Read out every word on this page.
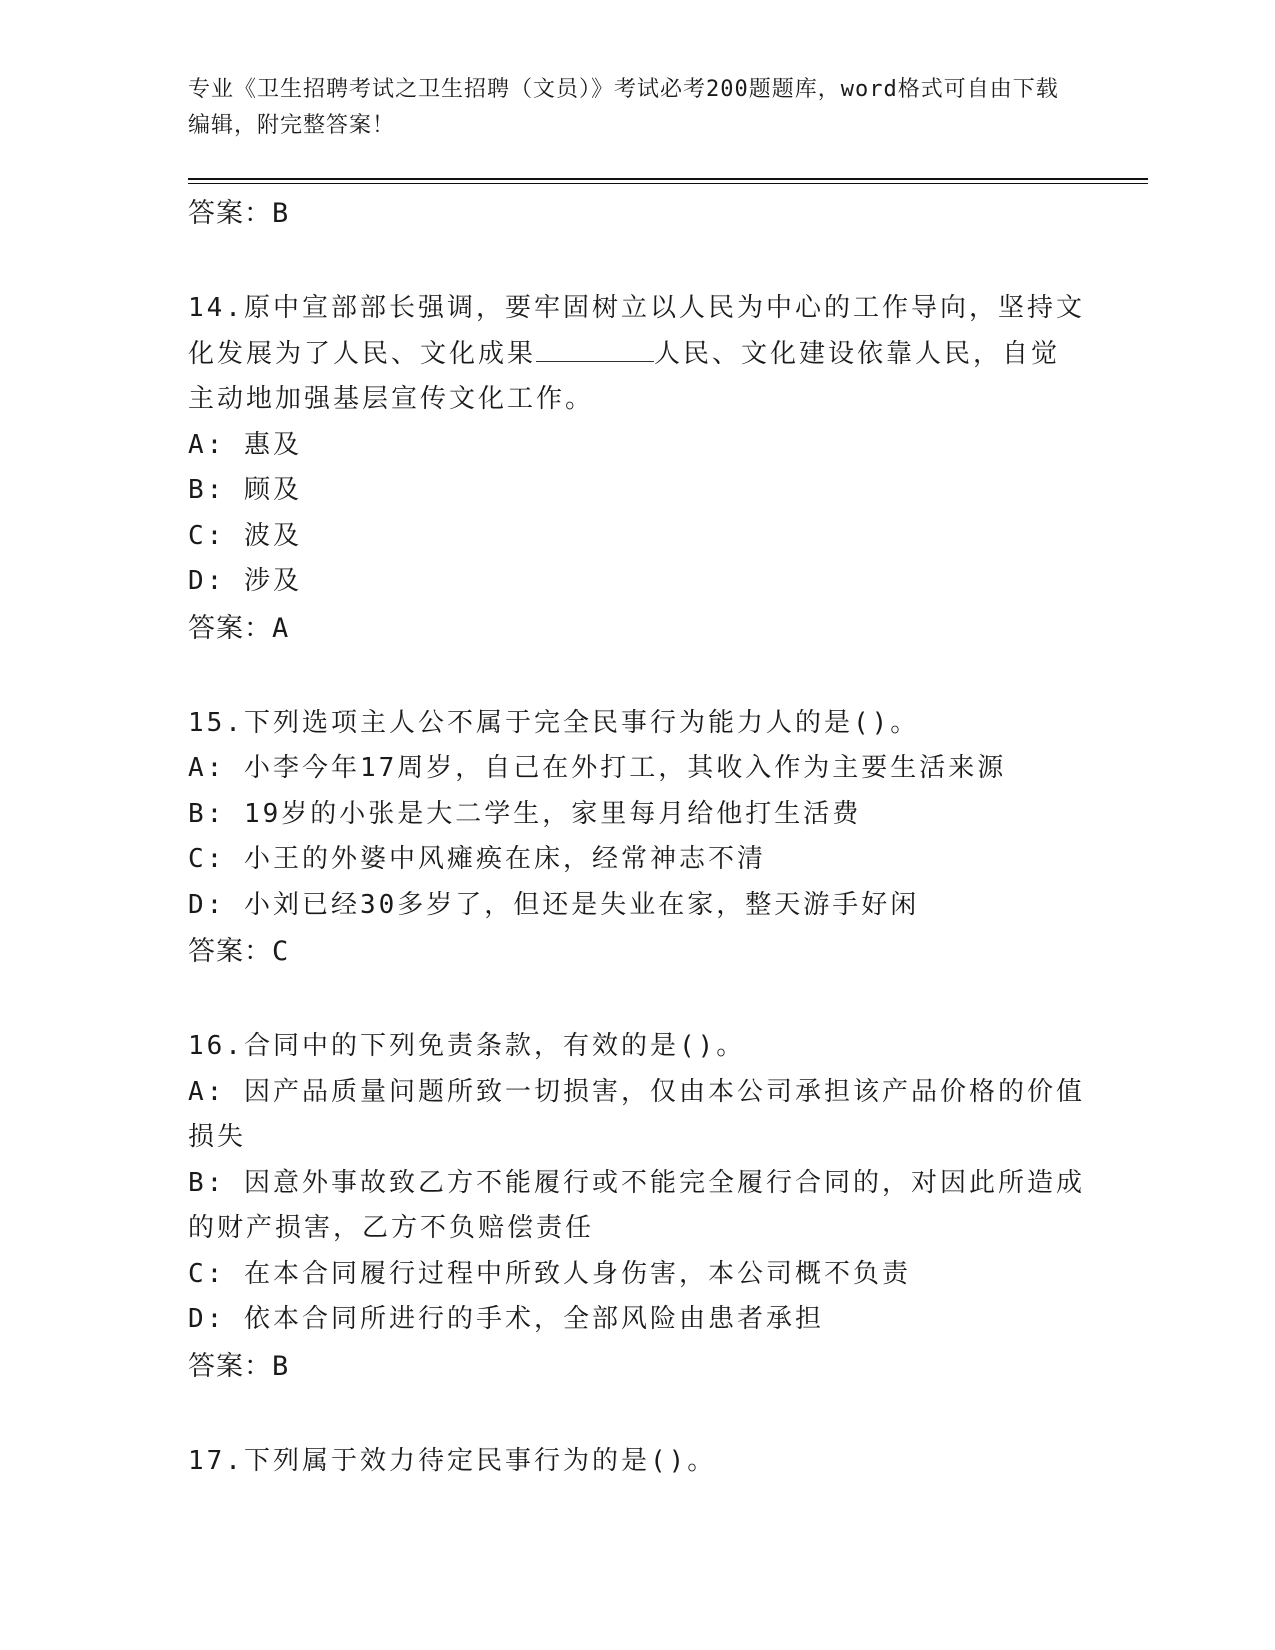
专业《卫生招聘考试之卫生招聘（文员）》考试必考200题题库，word格式可自由下载编辑，附完整答案！

答案：B

14.原中宣部部长强调，要牢固树立以人民为中心的工作导向，坚持文化发展为了人民、文化成果	人民、文化建设依靠人民，自觉主动地加强基层宣传文化工作。

A: 惠及

B: 顾及

C: 波及

D: 涉及

答案：A

15.下列选项主人公不属于完全民事行为能力人的是()。

A: 小李今年17周岁，自己在外打工，其收入作为主要生活来源

B: 19岁的小张是大二学生，家里每月给他打生活费

C: 小王的外婆中风瘫痪在床，经常神志不清

D: 小刘已经30多岁了，但还是失业在家，整天游手好闲

答案：C

16.合同中的下列免责条款，有效的是()。

A: 因产品质量问题所致一切损害，仅由本公司承担该产品价格的价值损失

B: 因意外事故致乙方不能履行或不能完全履行合同的，对因此所造成的财产损害，乙方不负赔偿责任

C: 在本合同履行过程中所致人身伤害，本公司概不负责

D: 依本合同所进行的手术，全部风险由患者承担

答案：B

17.下列属于效力待定民事行为的是()。
